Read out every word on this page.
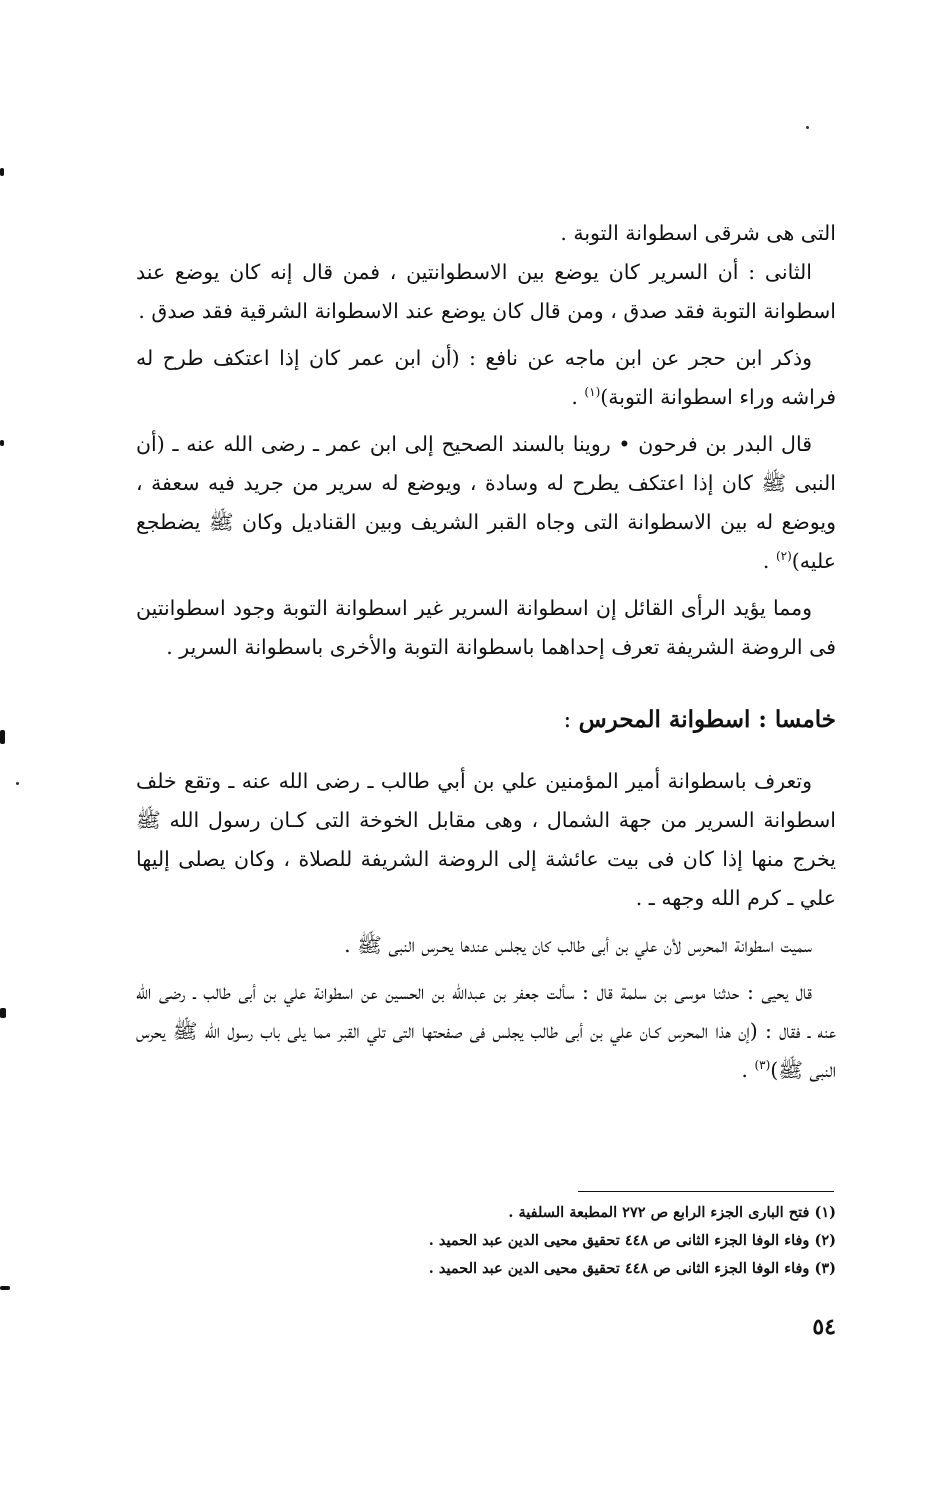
التى هى شرقى اسطوانة التوبة .

الثانى : أن السرير كان يوضع بين الاسطوانتين ، فمن قال إنه كان يوضع عند اسطوانة التوبة فقد صدق ، ومن قال كان يوضع عند الاسطوانة الشرقية فقد صدق .

وذكر ابن حجر عن ابن ماجه عن نافع : (أن ابن عمر كان إذا اعتكف طرح له فراشه وراء اسطوانة التوبة)$^{(١)}$ .

قال البدر بن فرحون • روينا بالسند الصحيح إلى ابن عمر ـ رضى الله عنه ـ (أن النبى ﷺ كان إذا اعتكف يطرح له وسادة ، ويوضع له سرير من جريد فيه سعفة ، ويوضع له بين الاسطوانة التى وجاه القبر الشريف وبين القناديل وكان ﷺ يضطجع عليه)$^{(٢)}$ .

ومما يؤيد الرأى القائل إن اسطوانة السرير غير اسطوانة التوبة وجود اسطوانتين فى الروضة الشريفة تعرف إحداهما باسطوانة التوبة والأخرى باسطوانة السرير .

خامسا : اسطوانة المحرس :

وتعرف باسطوانة أمير المؤمنين علي بن أبي طالب ـ رضى الله عنه ـ وتقع خلف اسطوانة السرير من جهة الشمال ، وهى مقابل الخوخة التى كـان رسول الله ﷺ يخرج منها إذا كان فى بيت عائشة إلى الروضة الشريفة للصلاة ، وكان يصلى إليها علي ـ كرم الله وجهه ـ .

سميت اسطوانة المحرس لأن علي بن أبى طالب كان يجلس عندها يحـرس النبى ﷺ .

قال يحيى : حدثنا موسى بن سلمة قال : سألت جعفر بن عبدالله بن الحسين عن اسطوانة علي بن أبى طالب ـ رضى الله عنه ـ فقال : (إن هذا المحرس كـان علي بن أبى طالب يجلس فى صفحتها التى تلي القبر مما يلى باب رسول الله ﷺ يحرس النبى ﷺ)$^{(٣)}$ .

(١) فتح البارى الجزء الرابع ص ٢٧٢ المطبعة السلفية .

(٢) وفاء الوفا الجزء الثانى ص ٤٤٨ تحقيق محيى الدين عبد الحميد .

(٣) وفاء الوفا الجزء الثانى ص ٤٤٨ تحقيق محيى الدين عبد الحميد .

٥٤
